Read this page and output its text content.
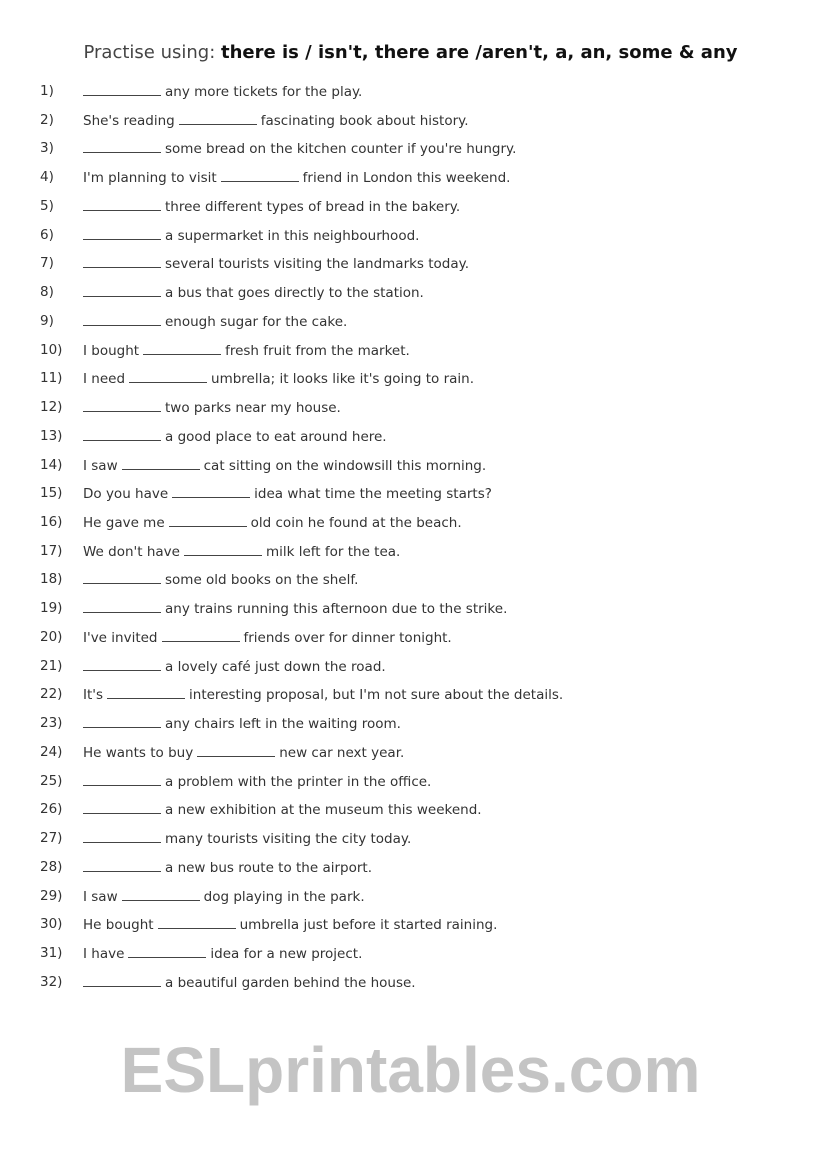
Practise using: there is / isn't, there are /aren't, a, an, some & any
1)	any more tickets for the play.
2)	She's reading	fascinating book about history.
3)	some bread on the kitchen counter if you're hungry.
4)	I'm planning to visit	friend in London this weekend.
5)	three different types of bread in the bakery.
6)	a supermarket in this neighbourhood.
7)	several tourists visiting the landmarks today.
8)	a bus that goes directly to the station.
9)	enough sugar for the cake.
10)	I bought	fresh fruit from the market.
11)	I need	umbrella; it looks like it's going to rain.
12)	two parks near my house.
13)	a good place to eat around here.
14)	I saw	cat sitting on the windowsill this morning.
15)	Do you have	idea what time the meeting starts?
16)	He gave me	old coin he found at the beach.
17)	We don't have	milk left for the tea.
18)	some old books on the shelf.
19)	any trains running this afternoon due to the strike.
20)	I've invited	friends over for dinner tonight.
21)	a lovely café just down the road.
22)	It's	interesting proposal, but I'm not sure about the details.
23)	any chairs left in the waiting room.
24)	He wants to buy	new car next year.
25)	a problem with the printer in the office.
26)	a new exhibition at the museum this weekend.
27)	many tourists visiting the city today.
28)	a new bus route to the airport.
29)	I saw	dog playing in the park.
30)	He bought	umbrella just before it started raining.
31)	I have	idea for a new project.
32)	a beautiful garden behind the house.
ESLprintables.com
